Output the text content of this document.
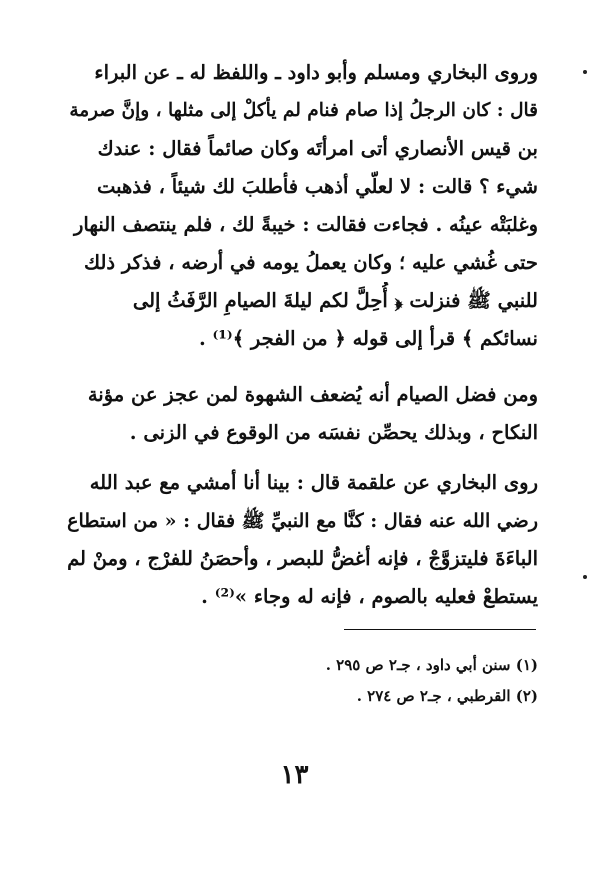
وروى البخاري ومسلم وأبو داود ـ واللفظ له ـ عن البراء
قال : كان الرجلُ إذا صام فنام لم يأكلْ إلى مثلها ، وإنَّ صرمة
بن قيس الأنصاري أتى امرأتَه وكان صائماً فقال : عندك
شيء ؟ قالت : لا لعلّي أذهب فأطلبَ لك شيئاً ، فذهبت
وغلبَتْه عينُه . فجاءت فقالت : خيبةً لك ، فلم ينتصف النهار
حتى غُشي عليه ؛ وكان يعملُ يومه في أرضه ، فذكر ذلك
للنبي ﷺ فنزلت ﴿ أُحِلَّ لكم ليلةَ الصيامِ الرَّفَثُ إلى
نسائكم ﴾ قرأ إلى قوله ﴿ من الفجر ﴾⁽¹⁾ .
ومن فضل الصيام أنه يُضعف الشهوة لمن عجز عن مؤنة
النكاح ، وبذلك يحصِّن نفسَه من الوقوع في الزنى .
روى البخاري عن علقمة قال : بينا أنا أمشي مع عبد الله
رضي الله عنه فقال : كنَّا مع النبيِّ ﷺ فقال : « من استطاع
الباءَةَ فليتزوَّجْ ، فإنه أغضُّ للبصر ، وأحصَنُ للفرْج ، ومنْ لم
يستطعْ فعليه بالصوم ، فإنه له وجاء »⁽²⁾ .
(١) سنن أبي داود ، جـ٢ ص ٢٩٥ .
(٢) القرطبي ، جـ٢ ص ٢٧٤ .
١٣
